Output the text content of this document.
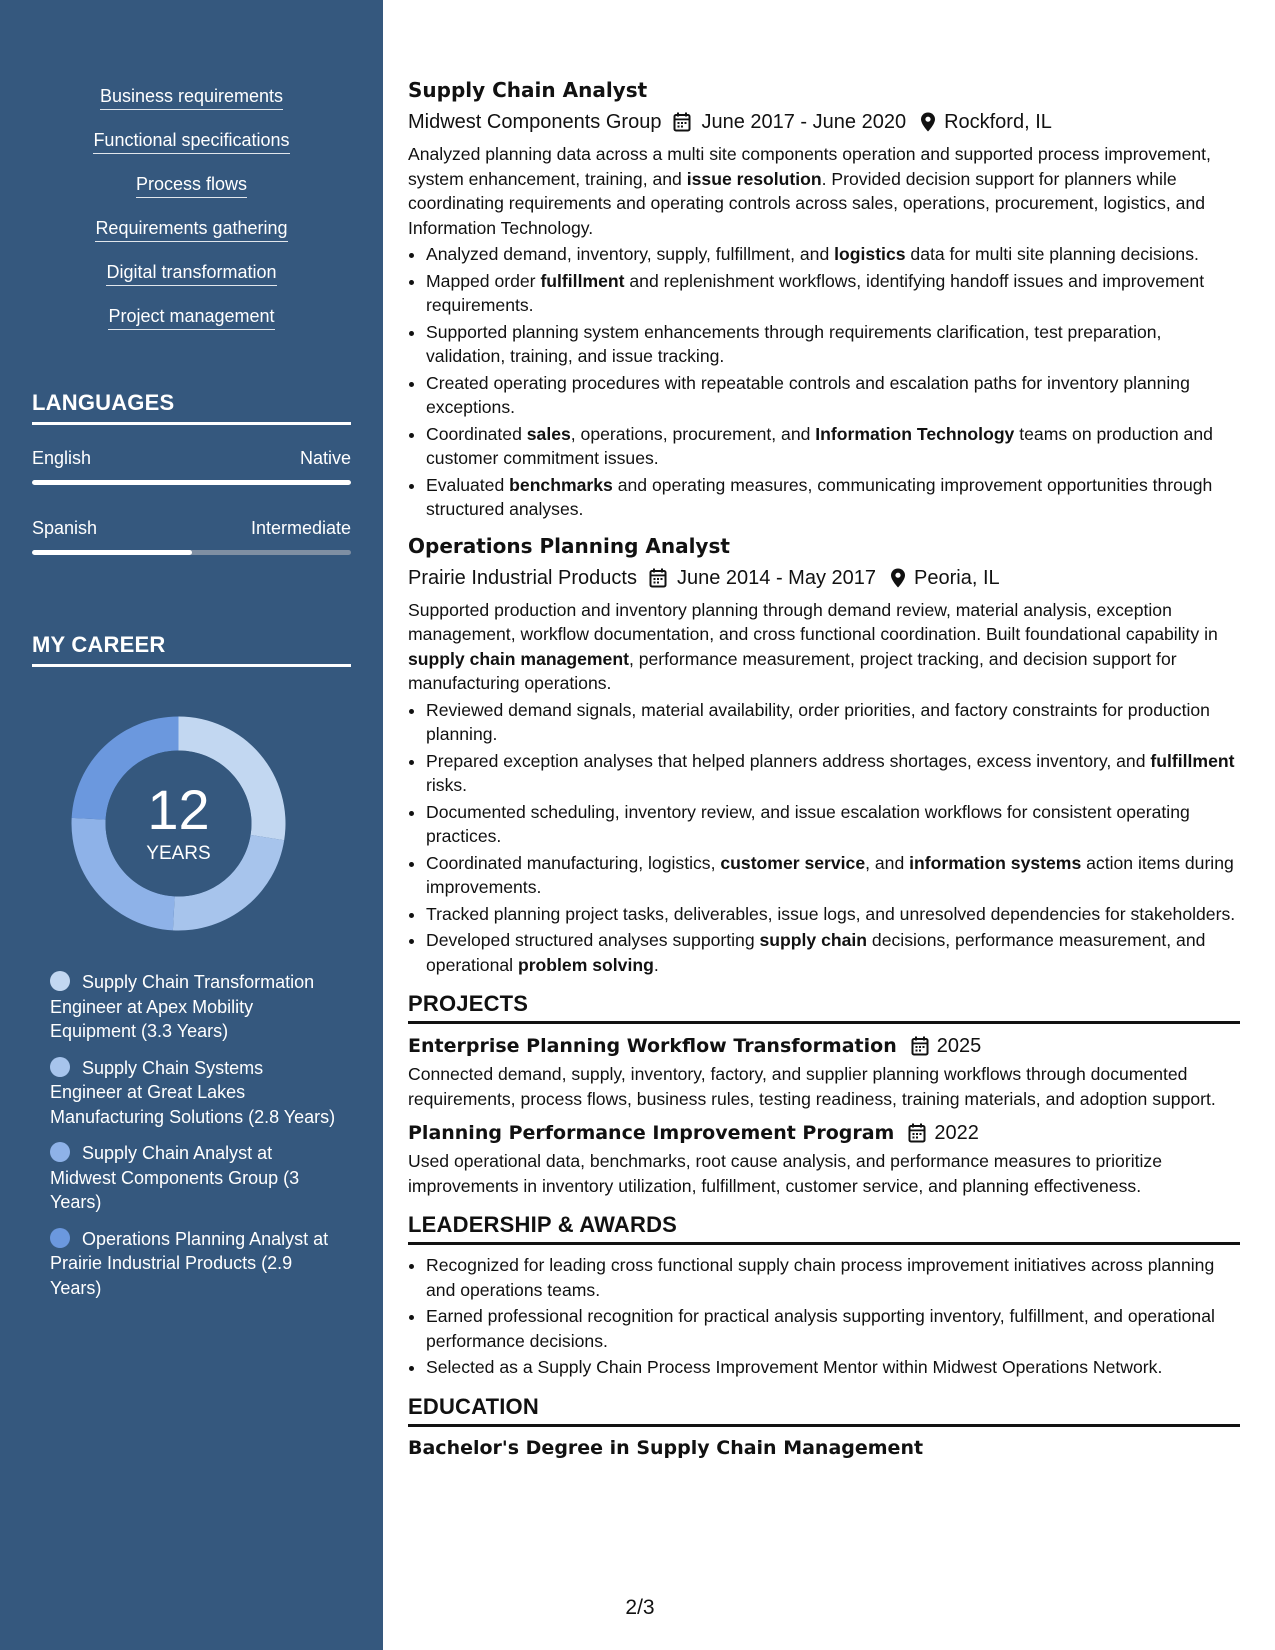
Business requirements
Functional specifications
Process flows
Requirements gathering
Digital transformation
Project management
LANGUAGES
English	Native
Spanish	Intermediate
MY CAREER
12
YEARS
Supply Chain Transformation Engineer at Apex Mobility Equipment (3.3 Years)
Supply Chain Systems Engineer at Great Lakes Manufacturing Solutions (2.8 Years)
Supply Chain Analyst at Midwest Components Group (3 Years)
Operations Planning Analyst at Prairie Industrial Products (2.9 Years)
Supply Chain Analyst
Midwest Components Group June 2017 - June 2020 Rockford, IL
Analyzed planning data across a multi site components operation and supported process improvement, system enhancement, training, and issue resolution. Provided decision support for planners while coordinating requirements and operating controls across sales, operations, procurement, logistics, and Information Technology.
• Analyzed demand, inventory, supply, fulfillment, and logistics data for multi site planning decisions.
• Mapped order fulfillment and replenishment workflows, identifying handoff issues and improvement requirements.
• Supported planning system enhancements through requirements clarification, test preparation, validation, training, and issue tracking.
• Created operating procedures with repeatable controls and escalation paths for inventory planning exceptions.
• Coordinated sales, operations, procurement, and Information Technology teams on production and customer commitment issues.
• Evaluated benchmarks and operating measures, communicating improvement opportunities through structured analyses.
Operations Planning Analyst
Prairie Industrial Products June 2014 - May 2017 Peoria, IL
Supported production and inventory planning through demand review, material analysis, exception management, workflow documentation, and cross functional coordination. Built foundational capability in supply chain management, performance measurement, project tracking, and decision support for manufacturing operations.
• Reviewed demand signals, material availability, order priorities, and factory constraints for production planning.
• Prepared exception analyses that helped planners address shortages, excess inventory, and fulfillment risks.
• Documented scheduling, inventory review, and issue escalation workflows for consistent operating practices.
• Coordinated manufacturing, logistics, customer service, and information systems action items during improvements.
• Tracked planning project tasks, deliverables, issue logs, and unresolved dependencies for stakeholders.
• Developed structured analyses supporting supply chain decisions, performance measurement, and operational problem solving.
PROJECTS
Enterprise Planning Workflow Transformation 2025
Connected demand, supply, inventory, factory, and supplier planning workflows through documented requirements, process flows, business rules, testing readiness, training materials, and adoption support.
Planning Performance Improvement Program 2022
Used operational data, benchmarks, root cause analysis, and performance measures to prioritize improvements in inventory utilization, fulfillment, customer service, and planning effectiveness.
LEADERSHIP & AWARDS
• Recognized for leading cross functional supply chain process improvement initiatives across planning and operations teams.
• Earned professional recognition for practical analysis supporting inventory, fulfillment, and operational performance decisions.
• Selected as a Supply Chain Process Improvement Mentor within Midwest Operations Network.
EDUCATION
Bachelor's Degree in Supply Chain Management
2/3
